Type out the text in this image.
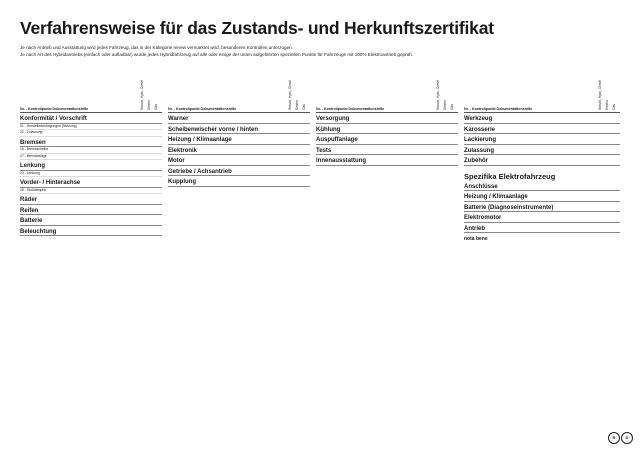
Verfahrensweise für das Zustands- und Herkunftszertifikat

Je nach Antrieb und Ausstattung wird jedes Fahrzeug, das in der Kategorie renew vermarktet wird, besonderen Kontrollen unterzogen.

Je nach Art des Hybridantriebs (einfach oder aufladbar) wurde jedes Hybridfahrzeug auf alle oder einige der unten aufgeführten speziellen Punkte für Fahrzeuge mit 100% Elektroantrieb geprüft.

Nr. - Kontrollpunkt Dokumentationshilfe	Benzin, Hybr., Diesel Elektro Gas
Konformität / Vorschrift
01 - Herstellerbedingungen (Nutzung)
02 - Zulassung
Bremsen
16 - Bremsscheibe
17 - Bremsbeläge
Lenkung
23 - Lenkung
Vorder- / Hinterachse
28 - Stoßdämpfer
Räder
Reifen
Batterie
Beleuchtung
Nr. - Kontrollpunkt Dokumentationshilfe	Benzin, Hybr., Diesel Elektro Gas
Warner
Scheibenwischer vorne / hinten
Heizung / Klimaanlage
Elektronik
Motor
Getriebe / Achsantrieb
Kupplung
Nr. - Kontrollpunkt Dokumentationshilfe	Benzin, Hybr., Diesel Elektro Gas
Versorgung
Kühlung
Auspuffanlage
Tests
Innenausstattung
Nr. - Kontrollpunkt Dokumentationshilfe	Benzin, Hybr., Diesel Elektro Gas
Werkzeug
Karosserie
Lackierung
Zulassung
Zubehör
Spezifika Elektrofahrzeug
Anschlüsse
Heizung / Klimaanlage
Batterie (Diagnoseinstrumente)
Elektromotor
Antrieb
nota bene
R	D
